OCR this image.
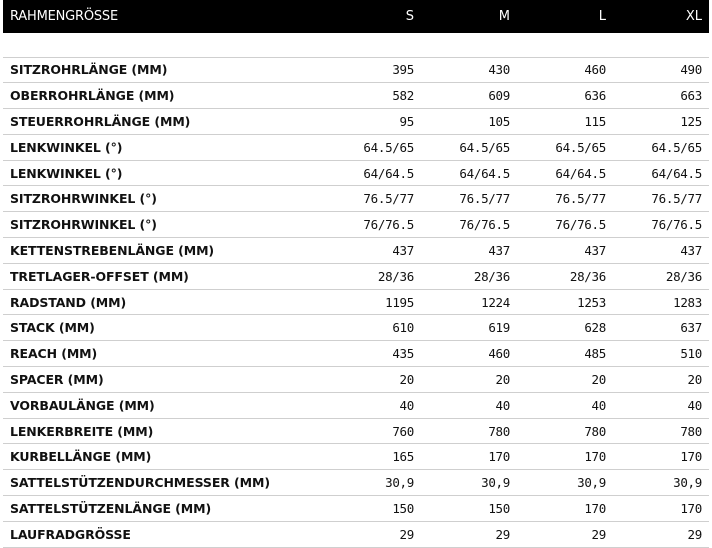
RAHMENGRÖSSE	S	M	L	XL

SITZROHRLÄNGE (MM)	395	430	460	490
OBERROHRLÄNGE (MM)	582	609	636	663
STEUERROHRLÄNGE (MM)	95	105	115	125
LENKWINKEL (°)	64.5/65	64.5/65	64.5/65	64.5/65
LENKWINKEL (°)	64/64.5	64/64.5	64/64.5	64/64.5
SITZROHRWINKEL (°)	76.5/77	76.5/77	76.5/77	76.5/77
SITZROHRWINKEL (°)	76/76.5	76/76.5	76/76.5	76/76.5
KETTENSTREBENLÄNGE (MM)	437	437	437	437
TRETLAGER-OFFSET (MM)	28/36	28/36	28/36	28/36
RADSTAND (MM)	1195	1224	1253	1283
STACK (MM)	610	619	628	637
REACH (MM)	435	460	485	510
SPACER (MM)	20	20	20	20
VORBAULÄNGE (MM)	40	40	40	40
LENKERBREITE (MM)	760	780	780	780
KURBELLÄNGE (MM)	165	170	170	170
SATTELSTÜTZENDURCHMESSER (MM)	30,9	30,9	30,9	30,9
SATTELSTÜTZENLÄNGE (MM)	150	150	170	170
LAUFRADGRÖSSE	29	29	29	29
